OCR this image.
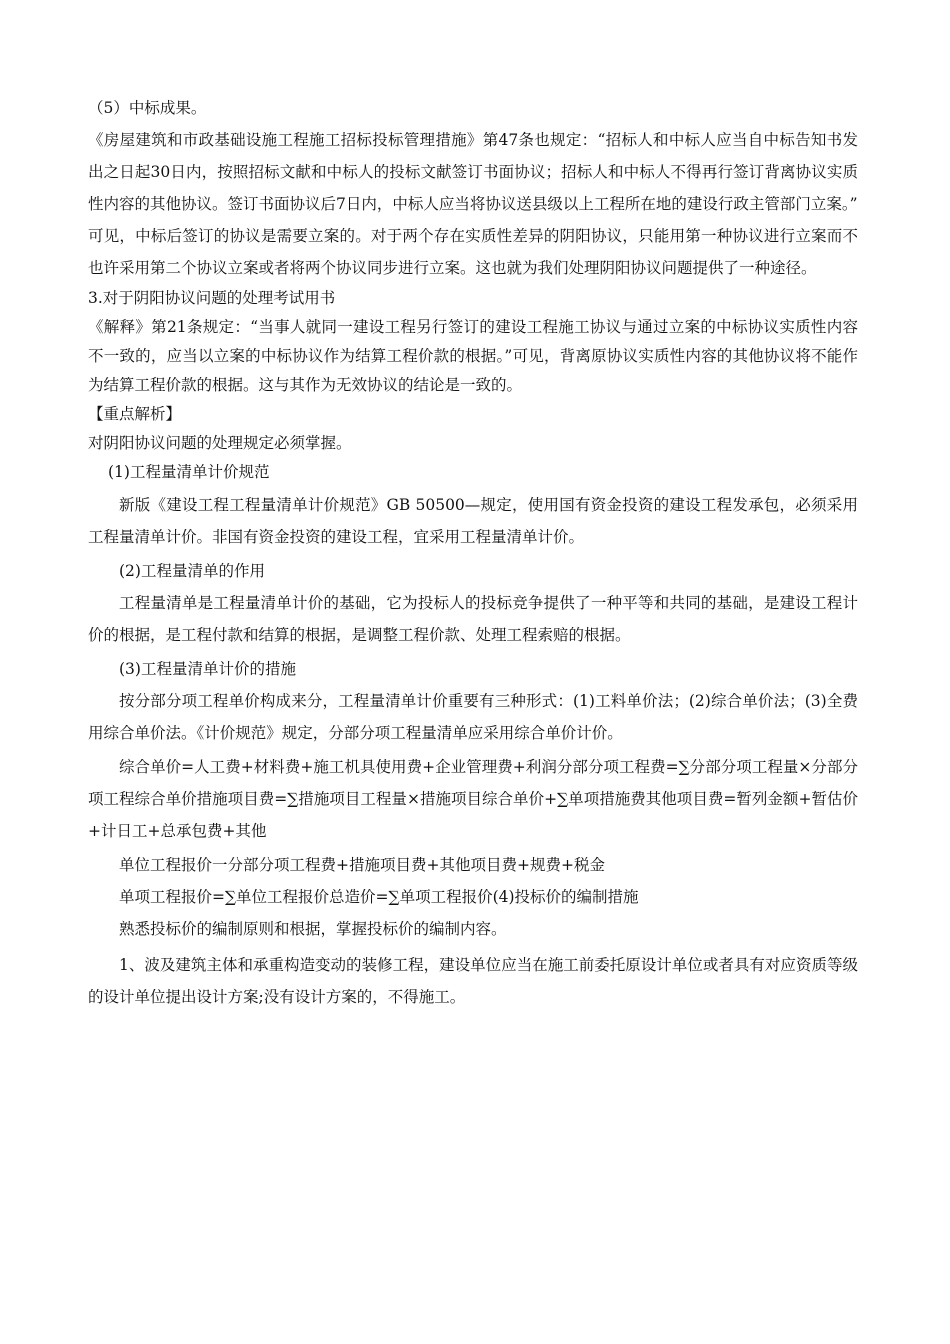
（5）中标成果。

《房屋建筑和市政基础设施工程施工招标投标管理措施》第47条也规定：“招标人和中标人应当自中标告知书发出之日起30日内，按照招标文献和中标人的投标文献签订书面协议；招标人和中标人不得再行签订背离协议实质性内容的其他协议。签订书面协议后7日内，中标人应当将协议送县级以上工程所在地的建设行政主管部门立案。”

可见，中标后签订的协议是需要立案的。对于两个存在实质性差异的阴阳协议，只能用第一种协议进行立案而不也许采用第二个协议立案或者将两个协议同步进行立案。这也就为我们处理阴阳协议问题提供了一种途径。

3.对于阴阳协议问题的处理考试用书

《解释》第21条规定：“当事人就同一建设工程另行签订的建设工程施工协议与通过立案的中标协议实质性内容不一致的，应当以立案的中标协议作为结算工程价款的根据。”可见，背离原协议实质性内容的其他协议将不能作为结算工程价款的根据。这与其作为无效协议的结论是一致的。

【重点解析】

对阴阳协议问题的处理规定必须掌握。

(1)工程量清单计价规范

新版《建设工程工程量清单计价规范》GB 50500—规定，使用国有资金投资的建设工程发承包，必须采用工程量清单计价。非国有资金投资的建设工程，宜采用工程量清单计价。

(2)工程量清单的作用

工程量清单是工程量清单计价的基础，它为投标人的投标竞争提供了一种平等和共同的基础，是建设工程计价的根据，是工程付款和结算的根据，是调整工程价款、处理工程索赔的根据。

(3)工程量清单计价的措施

按分部分项工程单价构成来分，工程量清单计价重要有三种形式：(1)工料单价法；(2)综合单价法；(3)全费用综合单价法。《计价规范》规定，分部分项工程量清单应采用综合单价计价。

综合单价=人工费+材料费+施工机具使用费+企业管理费+利润分部分项工程费=∑分部分项工程量×分部分项工程综合单价措施项目费=∑措施项目工程量×措施项目综合单价+∑单项措施费其他项目费=暂列金额+暂估价+计日工+总承包费+其他

单位工程报价一分部分项工程费+措施项目费+其他项目费+规费+税金

单项工程报价=∑单位工程报价总造价=∑单项工程报价(4)投标价的编制措施

熟悉投标价的编制原则和根据，掌握投标价的编制内容。

1、波及建筑主体和承重构造变动的装修工程，建设单位应当在施工前委托原设计单位或者具有对应资质等级的设计单位提出设计方案;没有设计方案的，不得施工。
